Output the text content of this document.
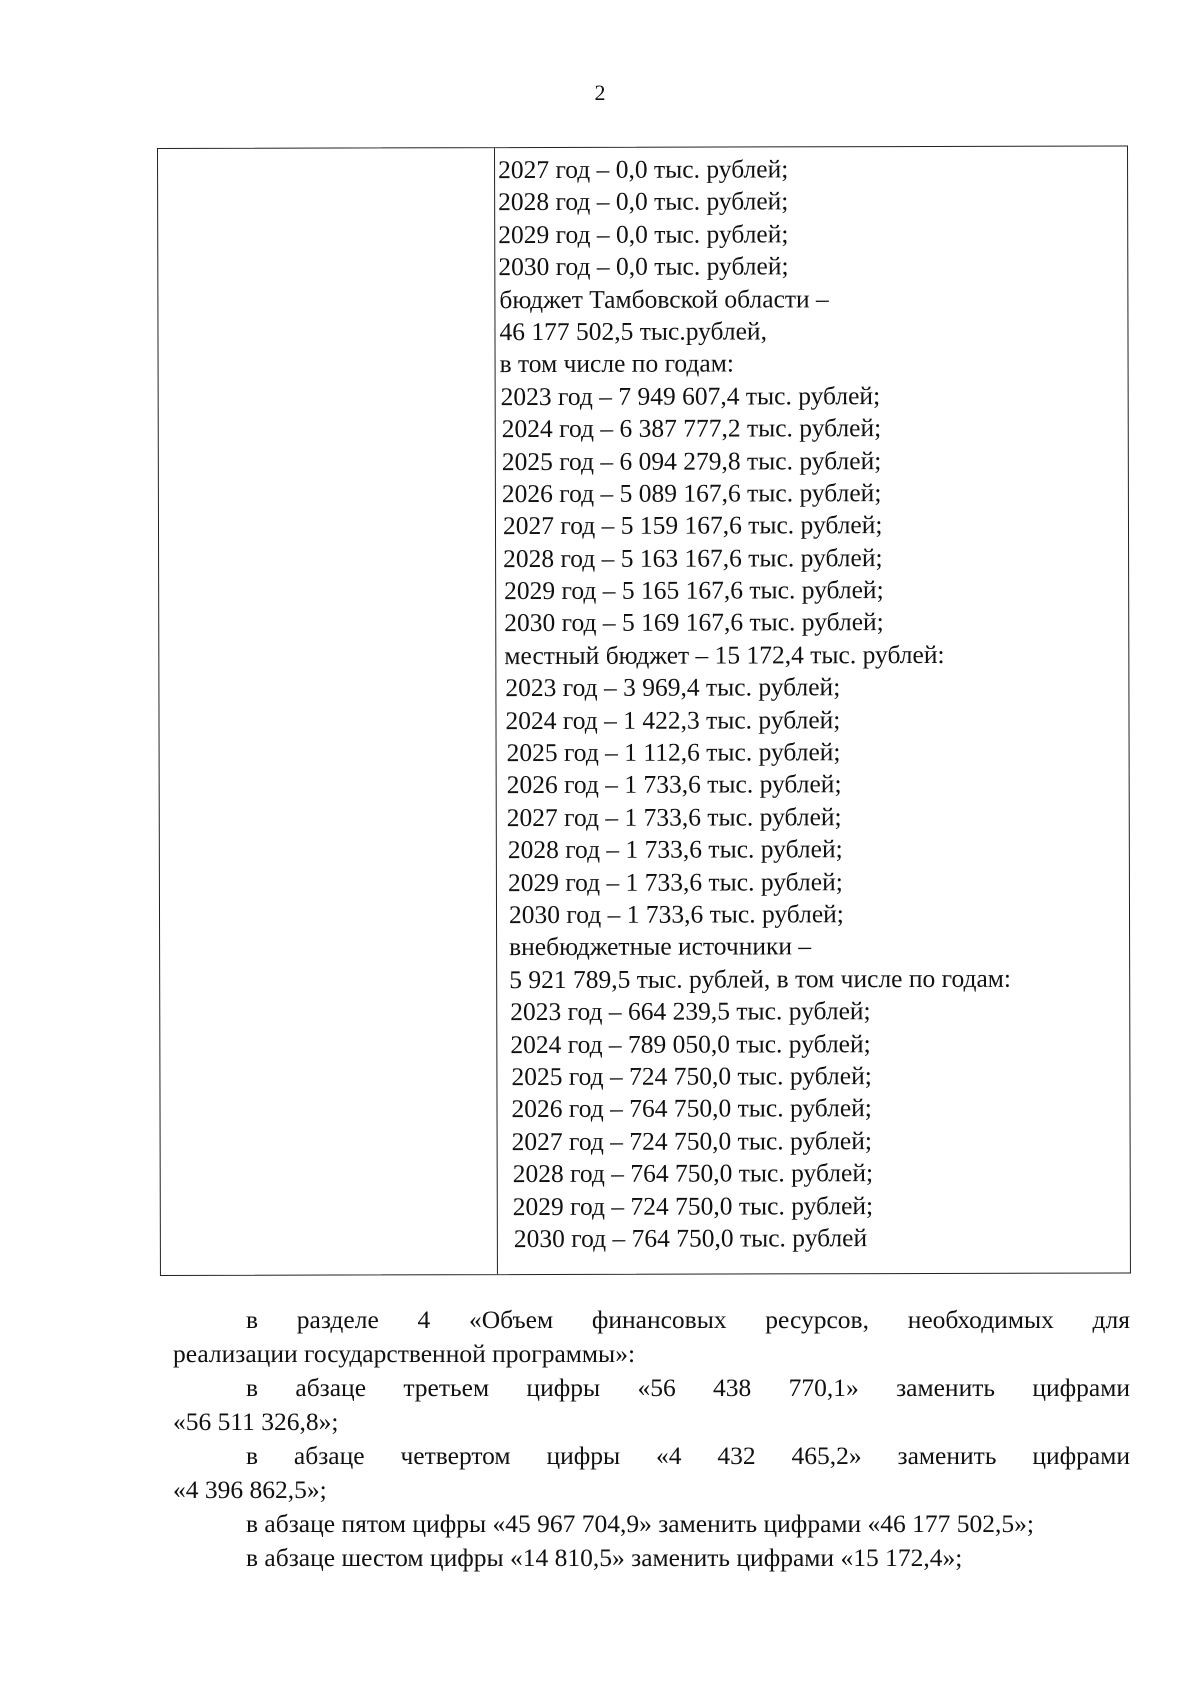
2
2027 год – 0,0 тыс. рублей;
2028 год – 0,0 тыс. рублей;
2029 год – 0,0 тыс. рублей;
2030 год – 0,0 тыс. рублей;
бюджет Тамбовской области –
46 177 502,5 тыс.рублей,
в том числе по годам:
2023 год – 7 949 607,4 тыс. рублей;
2024 год – 6 387 777,2 тыс. рублей;
2025 год – 6 094 279,8 тыс. рублей;
2026 год – 5 089 167,6 тыс. рублей;
2027 год – 5 159 167,6 тыс. рублей;
2028 год – 5 163 167,6 тыс. рублей;
2029 год – 5 165 167,6 тыс. рублей;
2030 год – 5 169 167,6 тыс. рублей;
местный бюджет – 15 172,4 тыс. рублей:
2023 год – 3 969,4 тыс. рублей;
2024 год – 1 422,3 тыс. рублей;
2025 год – 1 112,6 тыс. рублей;
2026 год – 1 733,6 тыс. рублей;
2027 год – 1 733,6 тыс. рублей;
2028 год – 1 733,6 тыс. рублей;
2029 год – 1 733,6 тыс. рублей;
2030 год – 1 733,6 тыс. рублей;
внебюджетные источники –
5 921 789,5 тыс. рублей, в том числе по годам:
2023 год – 664 239,5 тыс. рублей;
2024 год – 789 050,0 тыс. рублей;
2025 год – 724 750,0 тыс. рублей;
2026 год – 764 750,0 тыс. рублей;
2027 год – 724 750,0 тыс. рублей;
2028 год – 764 750,0 тыс. рублей;
2029 год – 724 750,0 тыс. рублей;
2030 год – 764 750,0 тыс. рублей
в разделе 4 «Объем финансовых ресурсов, необходимых для
реализации государственной программы»:
в абзаце третьем цифры «56 438 770,1» заменить цифрами
«56 511 326,8»;
в абзаце четвертом цифры «4 432 465,2» заменить цифрами
«4 396 862,5»;
в абзаце пятом цифры «45 967 704,9» заменить цифрами «46 177 502,5»;
в абзаце шестом цифры «14 810,5» заменить цифрами «15 172,4»;
